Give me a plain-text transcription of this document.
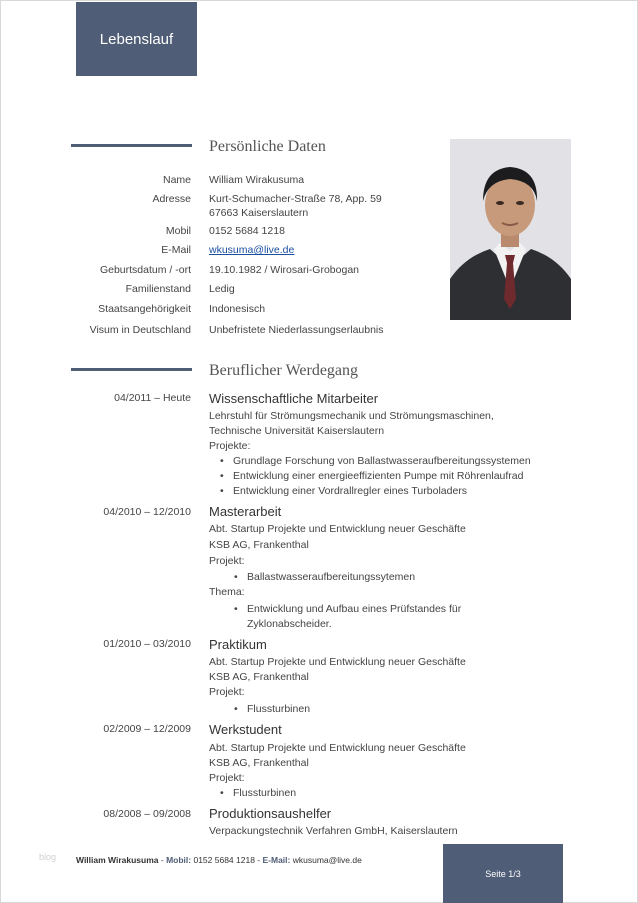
Lebenslauf
Persönliche Daten
Name William Wirakusuma
Adresse Kurt-Schumacher-Straße 78, App. 59
67663 Kaiserslautern
Mobil 0152 5684 1218
E-Mail wkusuma@live.de
Geburtsdatum / -ort 19.10.1982 / Wirosari-Grobogan
Familienstand Ledig
Staatsangehörigkeit Indonesisch
Visum in Deutschland Unbefristete Niederlassungserlaubnis
Beruflicher Werdegang
04/2011 – Heute Wissenschaftliche Mitarbeiter
Lehrstuhl für Strömungsmechanik und Strömungsmaschinen,
Technische Universität Kaiserslautern
Projekte:
• Grundlage Forschung von Ballastwasseraufbereitungssystemen
• Entwicklung einer energieeffizienten Pumpe mit Röhrenlaufrad
• Entwicklung einer Vordrallregler eines Turboladers
04/2010 – 12/2010 Masterarbeit
Abt. Startup Projekte und Entwicklung neuer Geschäfte
KSB AG, Frankenthal
Projekt:
• Ballastwasseraufbereitungssytemen
Thema:
• Entwicklung und Aufbau eines Prüfstandes für
Zyklonabscheider.
01/2010 – 03/2010 Praktikum
Abt. Startup Projekte und Entwicklung neuer Geschäfte
KSB AG, Frankenthal
Projekt:
• Flussturbinen
02/2009 – 12/2009 Werkstudent
Abt. Startup Projekte und Entwicklung neuer Geschäfte
KSB AG, Frankenthal
Projekt:
• Flussturbinen
08/2008 – 09/2008 Produktionsaushelfer
Verpackungstechnik Verfahren GmbH, Kaiserslautern
blog William Wirakusuma - Mobil: 0152 5684 1218 - E-Mail: wkusuma@live.de
Seite 1/3
